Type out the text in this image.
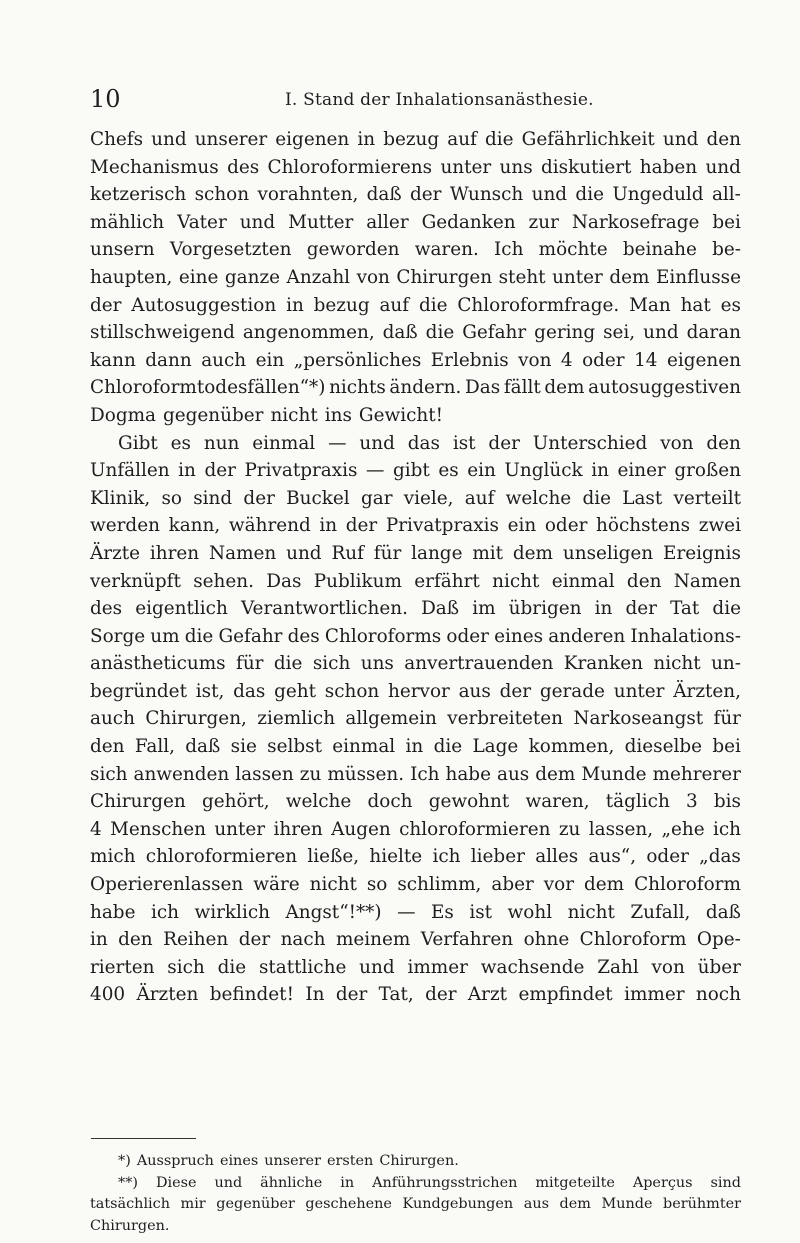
10	I. Stand der Inhalationsanästhesie.
Chefs und unserer eigenen in bezug auf die Gefährlichkeit und den
Mechanismus des Chloroformierens unter uns diskutiert haben und
ketzerisch schon vorahnten, daß der Wunsch und die Ungeduld all-
mählich Vater und Mutter aller Gedanken zur Narkosefrage bei
unsern Vorgesetzten geworden waren. Ich möchte beinahe be-
haupten, eine ganze Anzahl von Chirurgen steht unter dem Einflusse
der Autosuggestion in bezug auf die Chloroformfrage. Man hat es
stillschweigend angenommen, daß die Gefahr gering sei, und daran
kann dann auch ein „persönliches Erlebnis von 4 oder 14 eigenen
Chloroformtodesfällen“*) nichts ändern. Das fällt dem autosuggestiven
Dogma gegenüber nicht ins Gewicht!
Gibt es nun einmal — und das ist der Unterschied von den
Unfällen in der Privatpraxis — gibt es ein Unglück in einer großen
Klinik, so sind der Buckel gar viele, auf welche die Last verteilt
werden kann, während in der Privatpraxis ein oder höchstens zwei
Ärzte ihren Namen und Ruf für lange mit dem unseligen Ereignis
verknüpft sehen. Das Publikum erfährt nicht einmal den Namen
des eigentlich Verantwortlichen. Daß im übrigen in der Tat die
Sorge um die Gefahr des Chloroforms oder eines anderen Inhalations-
anästheticums für die sich uns anvertrauenden Kranken nicht un-
begründet ist, das geht schon hervor aus der gerade unter Ärzten,
auch Chirurgen, ziemlich allgemein verbreiteten Narkoseangst für
den Fall, daß sie selbst einmal in die Lage kommen, dieselbe bei
sich anwenden lassen zu müssen. Ich habe aus dem Munde mehrerer
Chirurgen gehört, welche doch gewohnt waren, täglich 3 bis
4 Menschen unter ihren Augen chloroformieren zu lassen, „ehe ich
mich chloroformieren ließe, hielte ich lieber alles aus“, oder „das
Operierenlassen wäre nicht so schlimm, aber vor dem Chloroform
habe ich wirklich Angst“!**) — Es ist wohl nicht Zufall, daß
in den Reihen der nach meinem Verfahren ohne Chloroform Ope-
rierten sich die stattliche und immer wachsende Zahl von über
400 Ärzten befindet! In der Tat, der Arzt empfindet immer noch
*) Ausspruch eines unserer ersten Chirurgen.
**) Diese und ähnliche in Anführungsstrichen mitgeteilte Aperçus sind
tatsächlich mir gegenüber geschehene Kundgebungen aus dem Munde berühmter
Chirurgen.
